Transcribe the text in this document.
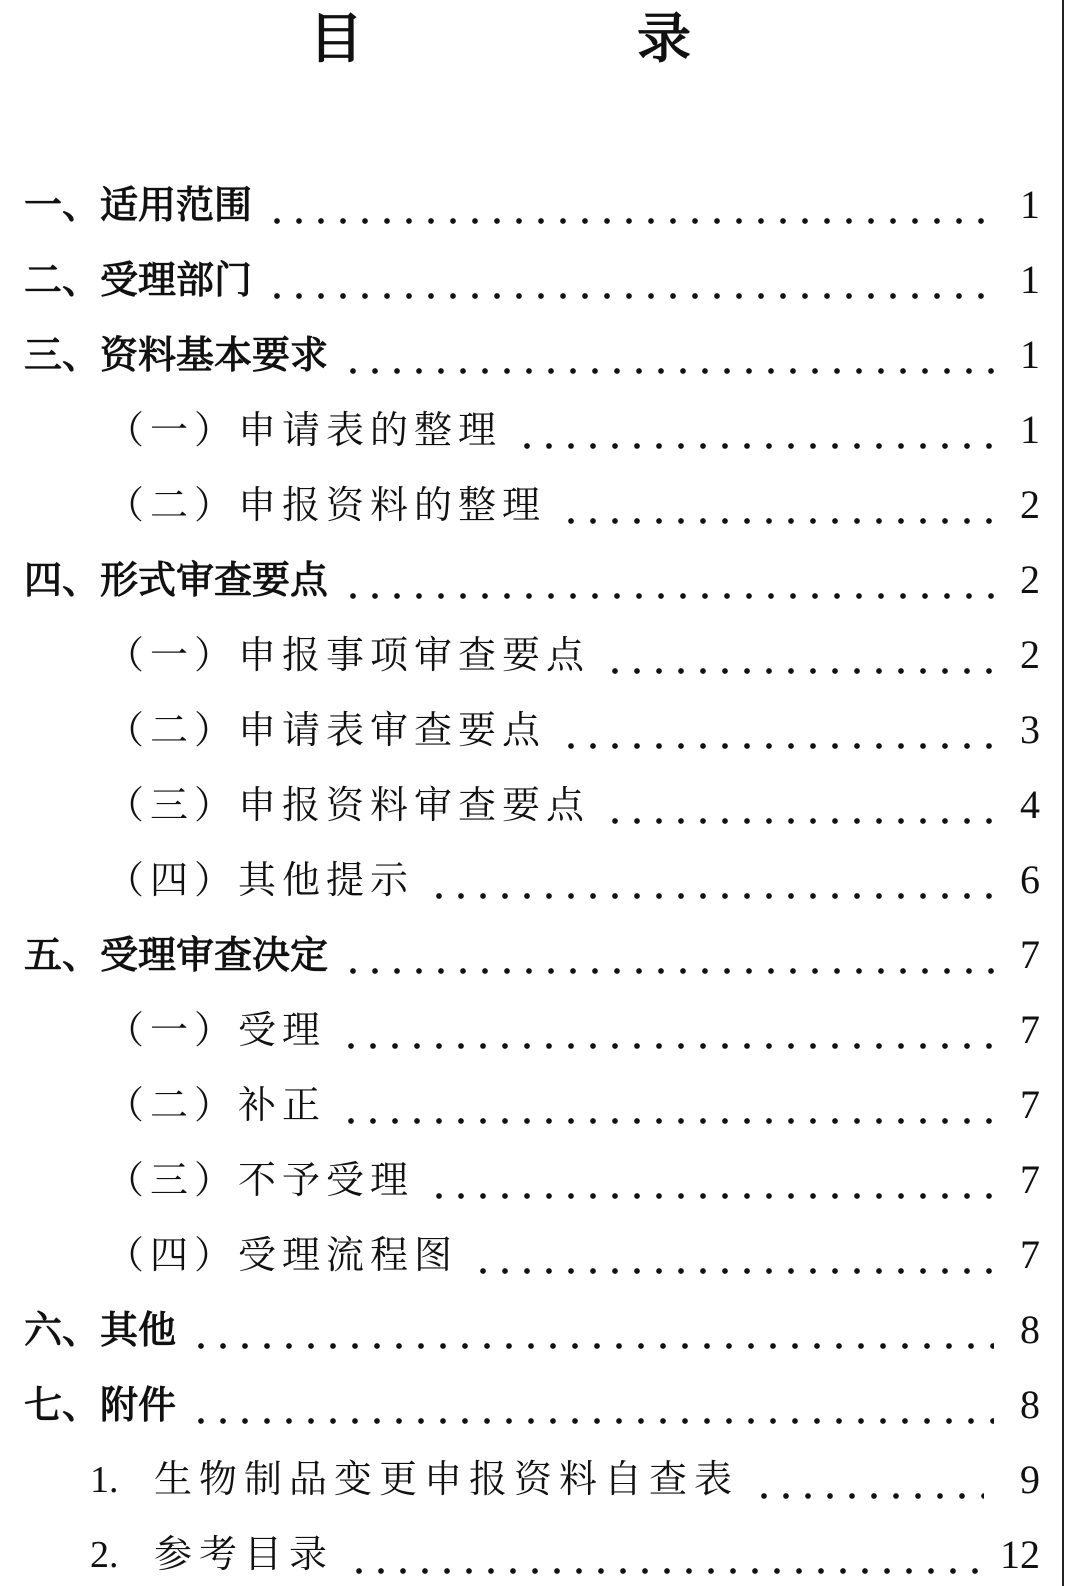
目　录
一、适用范围	1
二、受理部门	1
三、资料基本要求	1
（一）申请表的整理	1
（二）申报资料的整理	2
四、形式审查要点	2
（一）申报事项审查要点	2
（二）申请表审查要点	3
（三）申报资料审查要点	4
（四）其他提示	6
五、受理审查决定	7
（一）受理	7
（二）补正	7
（三）不予受理	7
（四）受理流程图	7
六、其他	8
七、附件	8
1. 生物制品变更申报资料自查表	9
2. 参考目录	12
